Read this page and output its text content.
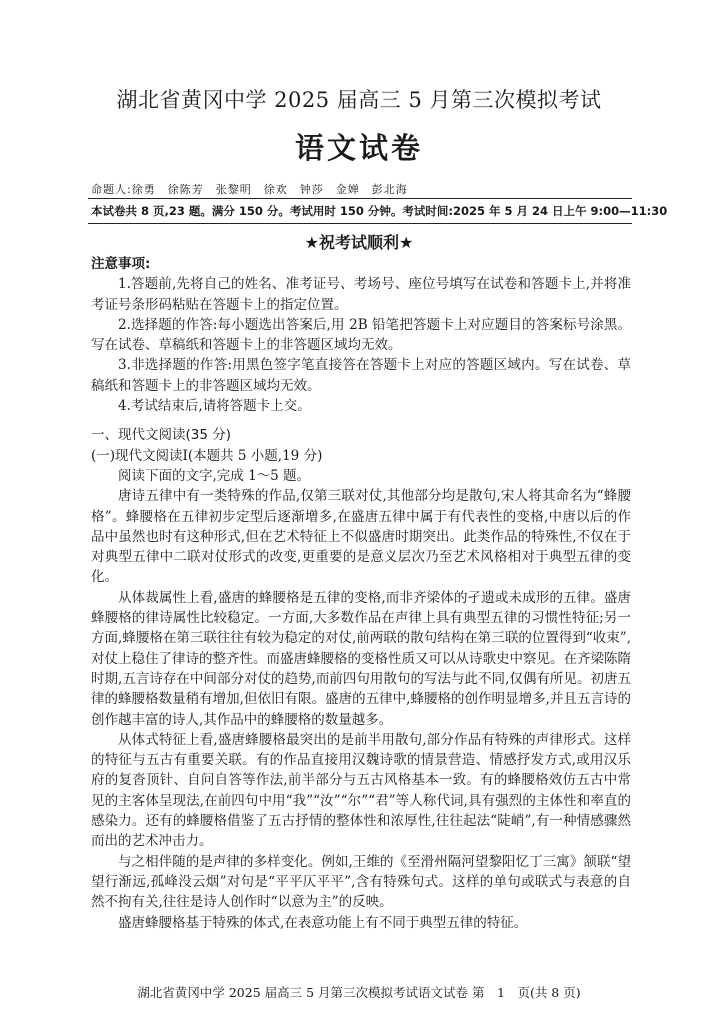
湖北省黄冈中学 2025 届高三 5 月第三次模拟考试
语文试卷
命题人:徐勇　徐陈芳　张黎明　徐欢　钟莎　金婵　彭北海
本试卷共 8 页,23 题。满分 150 分。考试用时 150 分钟。 考试时间:2025 年 5 月 24 日上午 9:00—11:30
★祝考试顺利★

注意事项:

1.答题前,先将自己的姓名、准考证号、考场号、座位号填写在试卷和答题卡上,并将准考证号条形码粘贴在答题卡上的指定位置。

2.选择题的作答:每小题选出答案后,用 2B 铅笔把答题卡上对应题目的答案标号涂黑。写在试卷、草稿纸和答题卡上的非答题区域均无效。

3.非选择题的作答:用黑色签字笔直接答在答题卡上对应的答题区域内。写在试卷、草稿纸和答题卡上的非答题区域均无效。

4.考试结束后,请将答题卡上交。

一、现代文阅读(35 分)

(一)现代文阅读Ⅰ(本题共 5 小题,19 分)

阅读下面的文字,完成 1～5 题。

唐诗五律中有一类特殊的作品,仅第三联对仗,其他部分均是散句,宋人将其命名为“蜂腰格”。蜂腰格在五律初步定型后逐渐增多,在盛唐五律中属于有代表性的变格,中唐以后的作品中虽然也时有这种形式,但在艺术特征上不似盛唐时期突出。此类作品的特殊性,不仅在于对典型五律中二联对仗形式的改变,更重要的是意义层次乃至艺术风格相对于典型五律的变化。

从体裁属性上看,盛唐的蜂腰格是五律的变格,而非齐梁体的孑遗或未成形的五律。盛唐蜂腰格的律诗属性比较稳定。一方面,大多数作品在声律上具有典型五律的习惯性特征;另一方面,蜂腰格在第三联往往有较为稳定的对仗,前两联的散句结构在第三联的位置得到“收束”,对仗上稳住了律诗的整齐性。而盛唐蜂腰格的变格性质又可以从诗歌史中察见。在齐梁陈隋时期,五言诗存在中间部分对仗的趋势,而前四句用散句的写法与此不同,仅偶有所见。初唐五律的蜂腰格数量稍有增加,但依旧有限。盛唐的五律中,蜂腰格的创作明显增多,并且五言诗的创作越丰富的诗人,其作品中的蜂腰格的数量越多。

从体式特征上看,盛唐蜂腰格最突出的是前半用散句,部分作品有特殊的声律形式。这样的特征与五古有重要关联。有的作品直接用汉魏诗歌的情景营造、情感抒发方式,或用汉乐府的复沓顶针、自问自答等作法,前半部分与五古风格基本一致。有的蜂腰格效仿五古中常见的主客体呈现法,在前四句中用“我”“汝”“尔”“君”等人称代词,具有强烈的主体性和率直的感染力。还有的蜂腰格借鉴了五古抒情的整体性和浓厚性,往往起法“陡峭”,有一种情感骤然而出的艺术冲击力。

与之相伴随的是声律的多样变化。例如,王维的《至滑州隔河望黎阳忆丁三寓》颔联“望望行渐远,孤峰没云烟”对句是“平平仄平平”,含有特殊句式。这样的单句或联式与表意的自然不拘有关,往往是诗人创作时“以意为主”的反映。

盛唐蜂腰格基于特殊的体式,在表意功能上有不同于典型五律的特征。

湖北省黄冈中学 2025 届高三 5 月第三次模拟考试语文试卷 第　1　页(共 8 页)
